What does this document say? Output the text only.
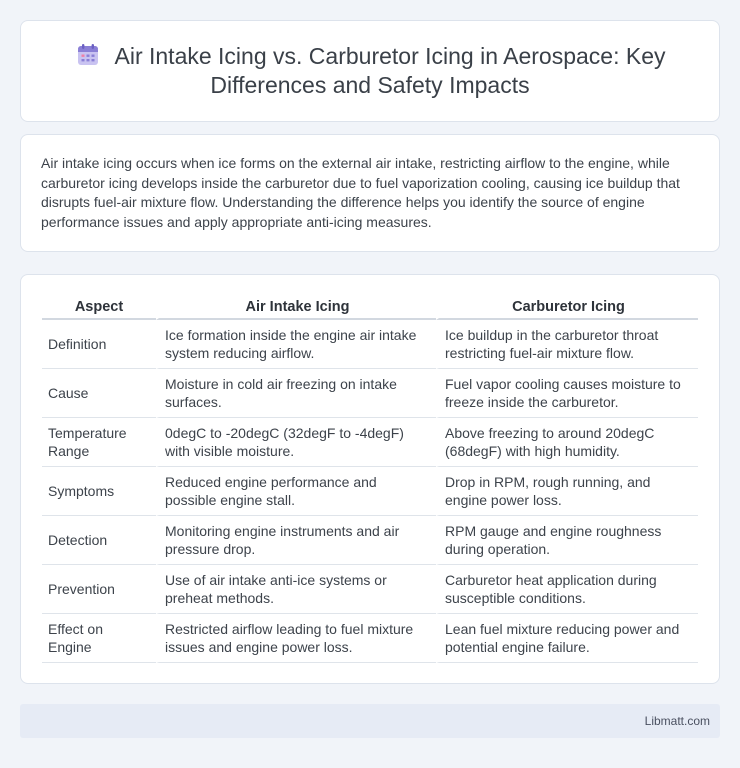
Air Intake Icing vs. Carburetor Icing in Aerospace: Key Differences and Safety Impacts

Air intake icing occurs when ice forms on the external air intake, restricting airflow to the engine, while carburetor icing develops inside the carburetor due to fuel vaporization cooling, causing ice buildup that disrupts fuel-air mixture flow. Understanding the difference helps you identify the source of engine performance issues and apply appropriate anti-icing measures.

Aspect	Air Intake Icing	Carburetor Icing
Definition	Ice formation inside the engine air intake system reducing airflow.	Ice buildup in the carburetor throat restricting fuel-air mixture flow.
Cause	Moisture in cold air freezing on intake surfaces.	Fuel vapor cooling causes moisture to freeze inside the carburetor.
Temperature Range	0degC to -20degC (32degF to -4degF) with visible moisture.	Above freezing to around 20degC (68degF) with high humidity.
Symptoms	Reduced engine performance and possible engine stall.	Drop in RPM, rough running, and engine power loss.
Detection	Monitoring engine instruments and air pressure drop.	RPM gauge and engine roughness during operation.
Prevention	Use of air intake anti-ice systems or preheat methods.	Carburetor heat application during susceptible conditions.
Effect on Engine	Restricted airflow leading to fuel mixture issues and engine power loss.	Lean fuel mixture reducing power and potential engine failure.
Libmatt.com
